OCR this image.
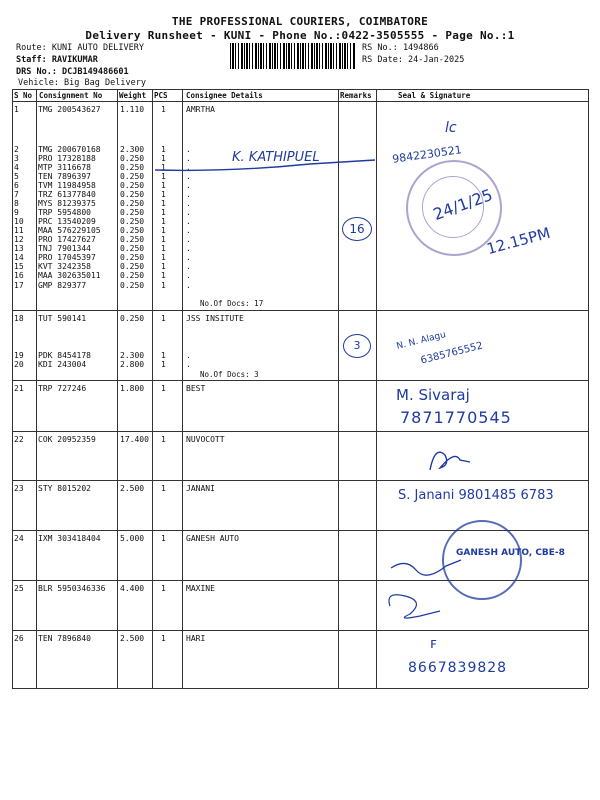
THE PROFESSIONAL COURIERS, COIMBATORE
Delivery Runsheet - KUNI - Phone No.:0422-3505555 - Page No.:1
Route: KUNI AUTO DELIVERY
Staff: RAVIKUMAR
DRS No.: DCJB149486601
Vehicle: Big Bag Delivery
RS No.: 1494866
RS Date: 24-Jan-2025
S No Consignment No Weight PCS Consignee Details	Remarks	Seal & Signature
1 TMG 200543627 1.110 1	AMRTHA
2 TMG 200670168 2.300 1	.
3 PRO 17328188	0.250 1	.
4 MTP 3116678	0.250 1	.
5 TEN 7896397	0.250 1	.
6 TVM 11984958	0.250 1	.
7 TRZ 61377840	0.250 1	.
8 MYS 81239375	0.250 1	.
9 TRP 5954800	0.250 1	.
10 PRC 13540209	0.250 1	.
11 MAA 576229105 0.250 1	.
12 PRO 17427627	0.250 1	.
13 TNJ 7901344	0.250 1	.
14 PRO 17045397	0.250 1	.
15 KVT 3242358	0.250 1	.
16 MAA 302635011 0.250 1	.
17 GMP 829377	0.250 1	.
18 TUT 590141	0.250 1	JSS INSITUTE
19 PDK 8454178	2.300 1	.
20 KDI 243004	2.800 1	.
21 TRP 727246	1.800 1	BEST
22 COK 20952359	17.400 1	NUVOCOTT
23 STY 8015202	2.500 1	JANANI
24 IXM 303418404 5.000 1	GANESH AUTO
25 BLR 5950346336 4.400 1	MAXINE
26 TEN 7896840	2.500 1	HARI
No.Of Docs: 17
No.Of Docs: 3
K. KATHIPUEL
16
3
lc
9842230521
24/1/25
12.15PM
N. N. Alagu
6385765552
M. Sivaraj
7871770545
S. Janani 9801485 6783
GANESH AUTO, CBE-8
ꜰ
8667839828
